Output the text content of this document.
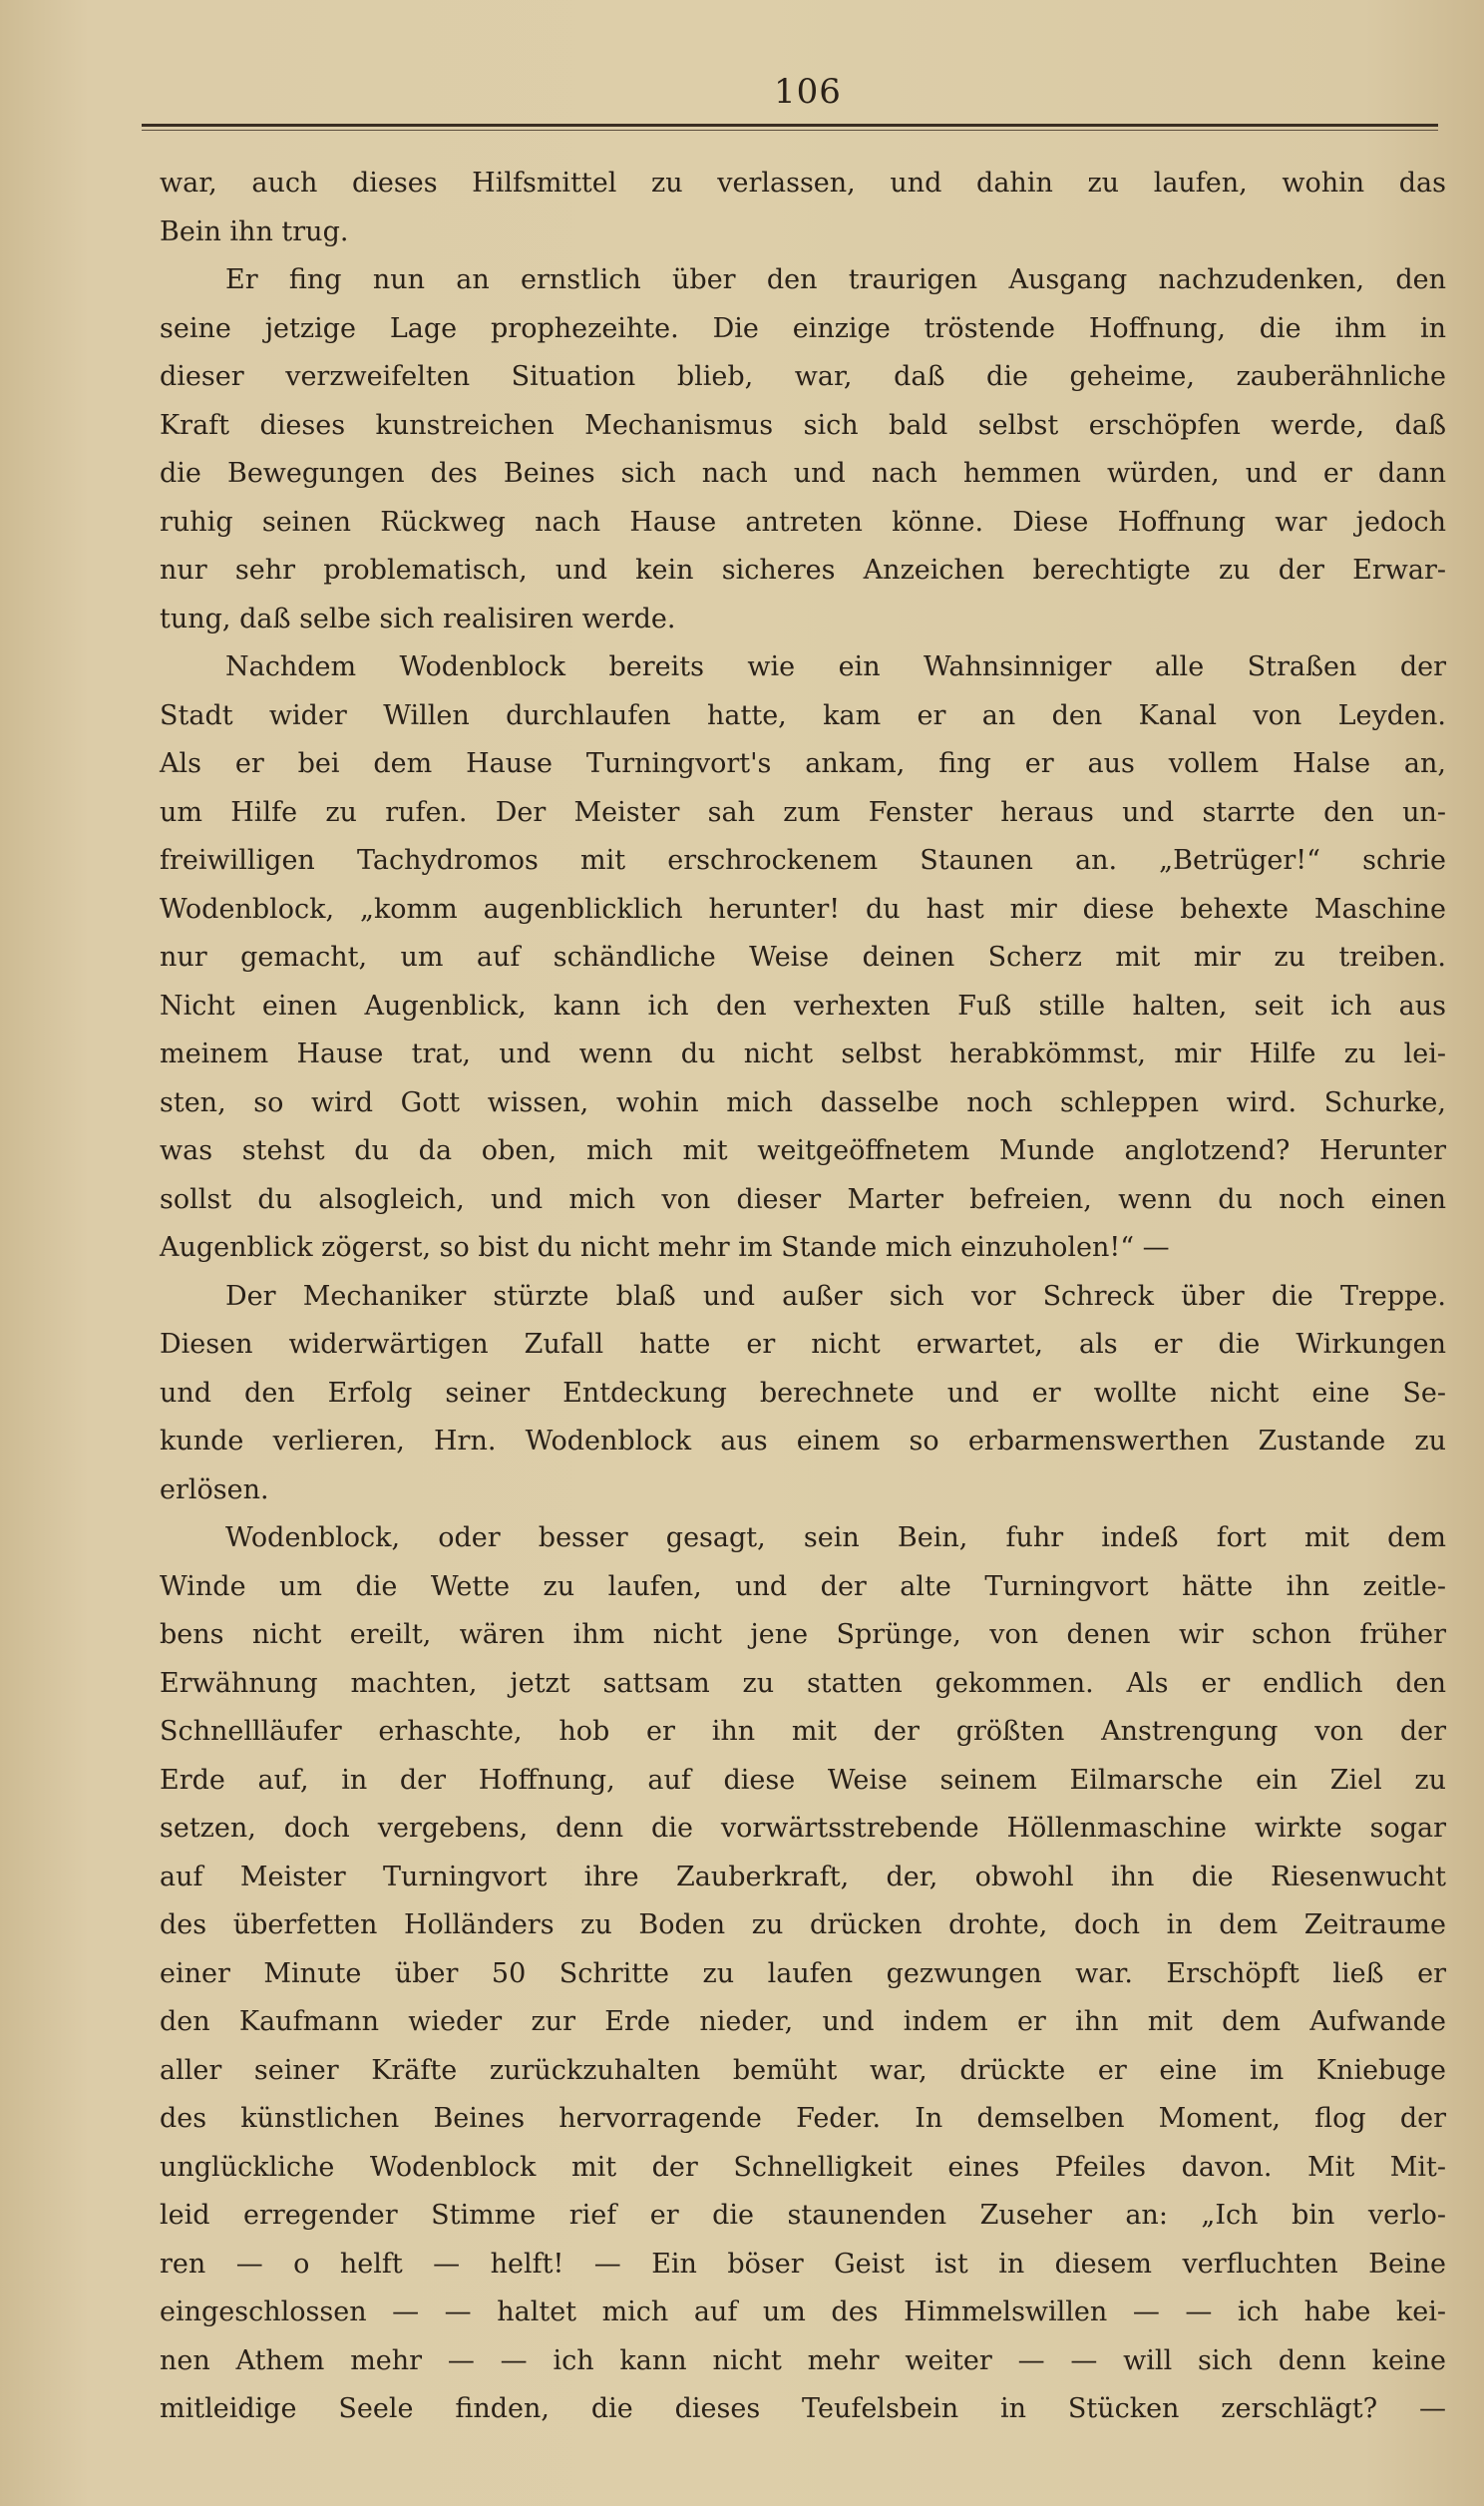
106
war, auch dieses Hilfsmittel zu verlassen, und dahin zu laufen, wohin das
Bein ihn trug.
Er fing nun an ernstlich über den traurigen Ausgang nachzudenken, den
seine jetzige Lage prophezeihte. Die einzige tröstende Hoffnung, die ihm in
dieser verzweifelten Situation blieb, war, daß die geheime, zauberähnliche
Kraft dieses kunstreichen Mechanismus sich bald selbst erschöpfen werde, daß
die Bewegungen des Beines sich nach und nach hemmen würden, und er dann
ruhig seinen Rückweg nach Hause antreten könne. Diese Hoffnung war jedoch
nur sehr problematisch, und kein sicheres Anzeichen berechtigte zu der Erwar-
tung, daß selbe sich realisiren werde.
Nachdem Wodenblock bereits wie ein Wahnsinniger alle Straßen der
Stadt wider Willen durchlaufen hatte, kam er an den Kanal von Leyden.
Als er bei dem Hause Turningvort's ankam, fing er aus vollem Halse an,
um Hilfe zu rufen. Der Meister sah zum Fenster heraus und starrte den un-
freiwilligen Tachydromos mit erschrockenem Staunen an. „Betrüger!“ schrie
Wodenblock, „komm augenblicklich herunter! du hast mir diese behexte Maschine
nur gemacht, um auf schändliche Weise deinen Scherz mit mir zu treiben.
Nicht einen Augenblick, kann ich den verhexten Fuß stille halten, seit ich aus
meinem Hause trat, und wenn du nicht selbst herabkömmst, mir Hilfe zu lei-
sten, so wird Gott wissen, wohin mich dasselbe noch schleppen wird. Schurke,
was stehst du da oben, mich mit weitgeöffnetem Munde anglotzend? Herunter
sollst du alsogleich, und mich von dieser Marter befreien, wenn du noch einen
Augenblick zögerst, so bist du nicht mehr im Stande mich einzuholen!“ —
Der Mechaniker stürzte blaß und außer sich vor Schreck über die Treppe.
Diesen widerwärtigen Zufall hatte er nicht erwartet, als er die Wirkungen
und den Erfolg seiner Entdeckung berechnete und er wollte nicht eine Se-
kunde verlieren, Hrn. Wodenblock aus einem so erbarmenswerthen Zustande zu
erlösen.
Wodenblock, oder besser gesagt, sein Bein, fuhr indeß fort mit dem
Winde um die Wette zu laufen, und der alte Turningvort hätte ihn zeitle-
bens nicht ereilt, wären ihm nicht jene Sprünge, von denen wir schon früher
Erwähnung machten, jetzt sattsam zu statten gekommen. Als er endlich den
Schnellläufer erhaschte, hob er ihn mit der größten Anstrengung von der
Erde auf, in der Hoffnung, auf diese Weise seinem Eilmarsche ein Ziel zu
setzen, doch vergebens, denn die vorwärtsstrebende Höllenmaschine wirkte sogar
auf Meister Turningvort ihre Zauberkraft, der, obwohl ihn die Riesenwucht
des überfetten Holländers zu Boden zu drücken drohte, doch in dem Zeitraume
einer Minute über 50 Schritte zu laufen gezwungen war. Erschöpft ließ er
den Kaufmann wieder zur Erde nieder, und indem er ihn mit dem Aufwande
aller seiner Kräfte zurückzuhalten bemüht war, drückte er eine im Kniebuge
des künstlichen Beines hervorragende Feder. In demselben Moment, flog der
unglückliche Wodenblock mit der Schnelligkeit eines Pfeiles davon. Mit Mit-
leid erregender Stimme rief er die staunenden Zuseher an: „Ich bin verlo-
ren — o helft — helft! — Ein böser Geist ist in diesem verfluchten Beine
eingeschlossen — — haltet mich auf um des Himmelswillen — — ich habe kei-
nen Athem mehr — — ich kann nicht mehr weiter — — will sich denn keine
mitleidige Seele finden, die dieses Teufelsbein in Stücken zerschlägt? —
